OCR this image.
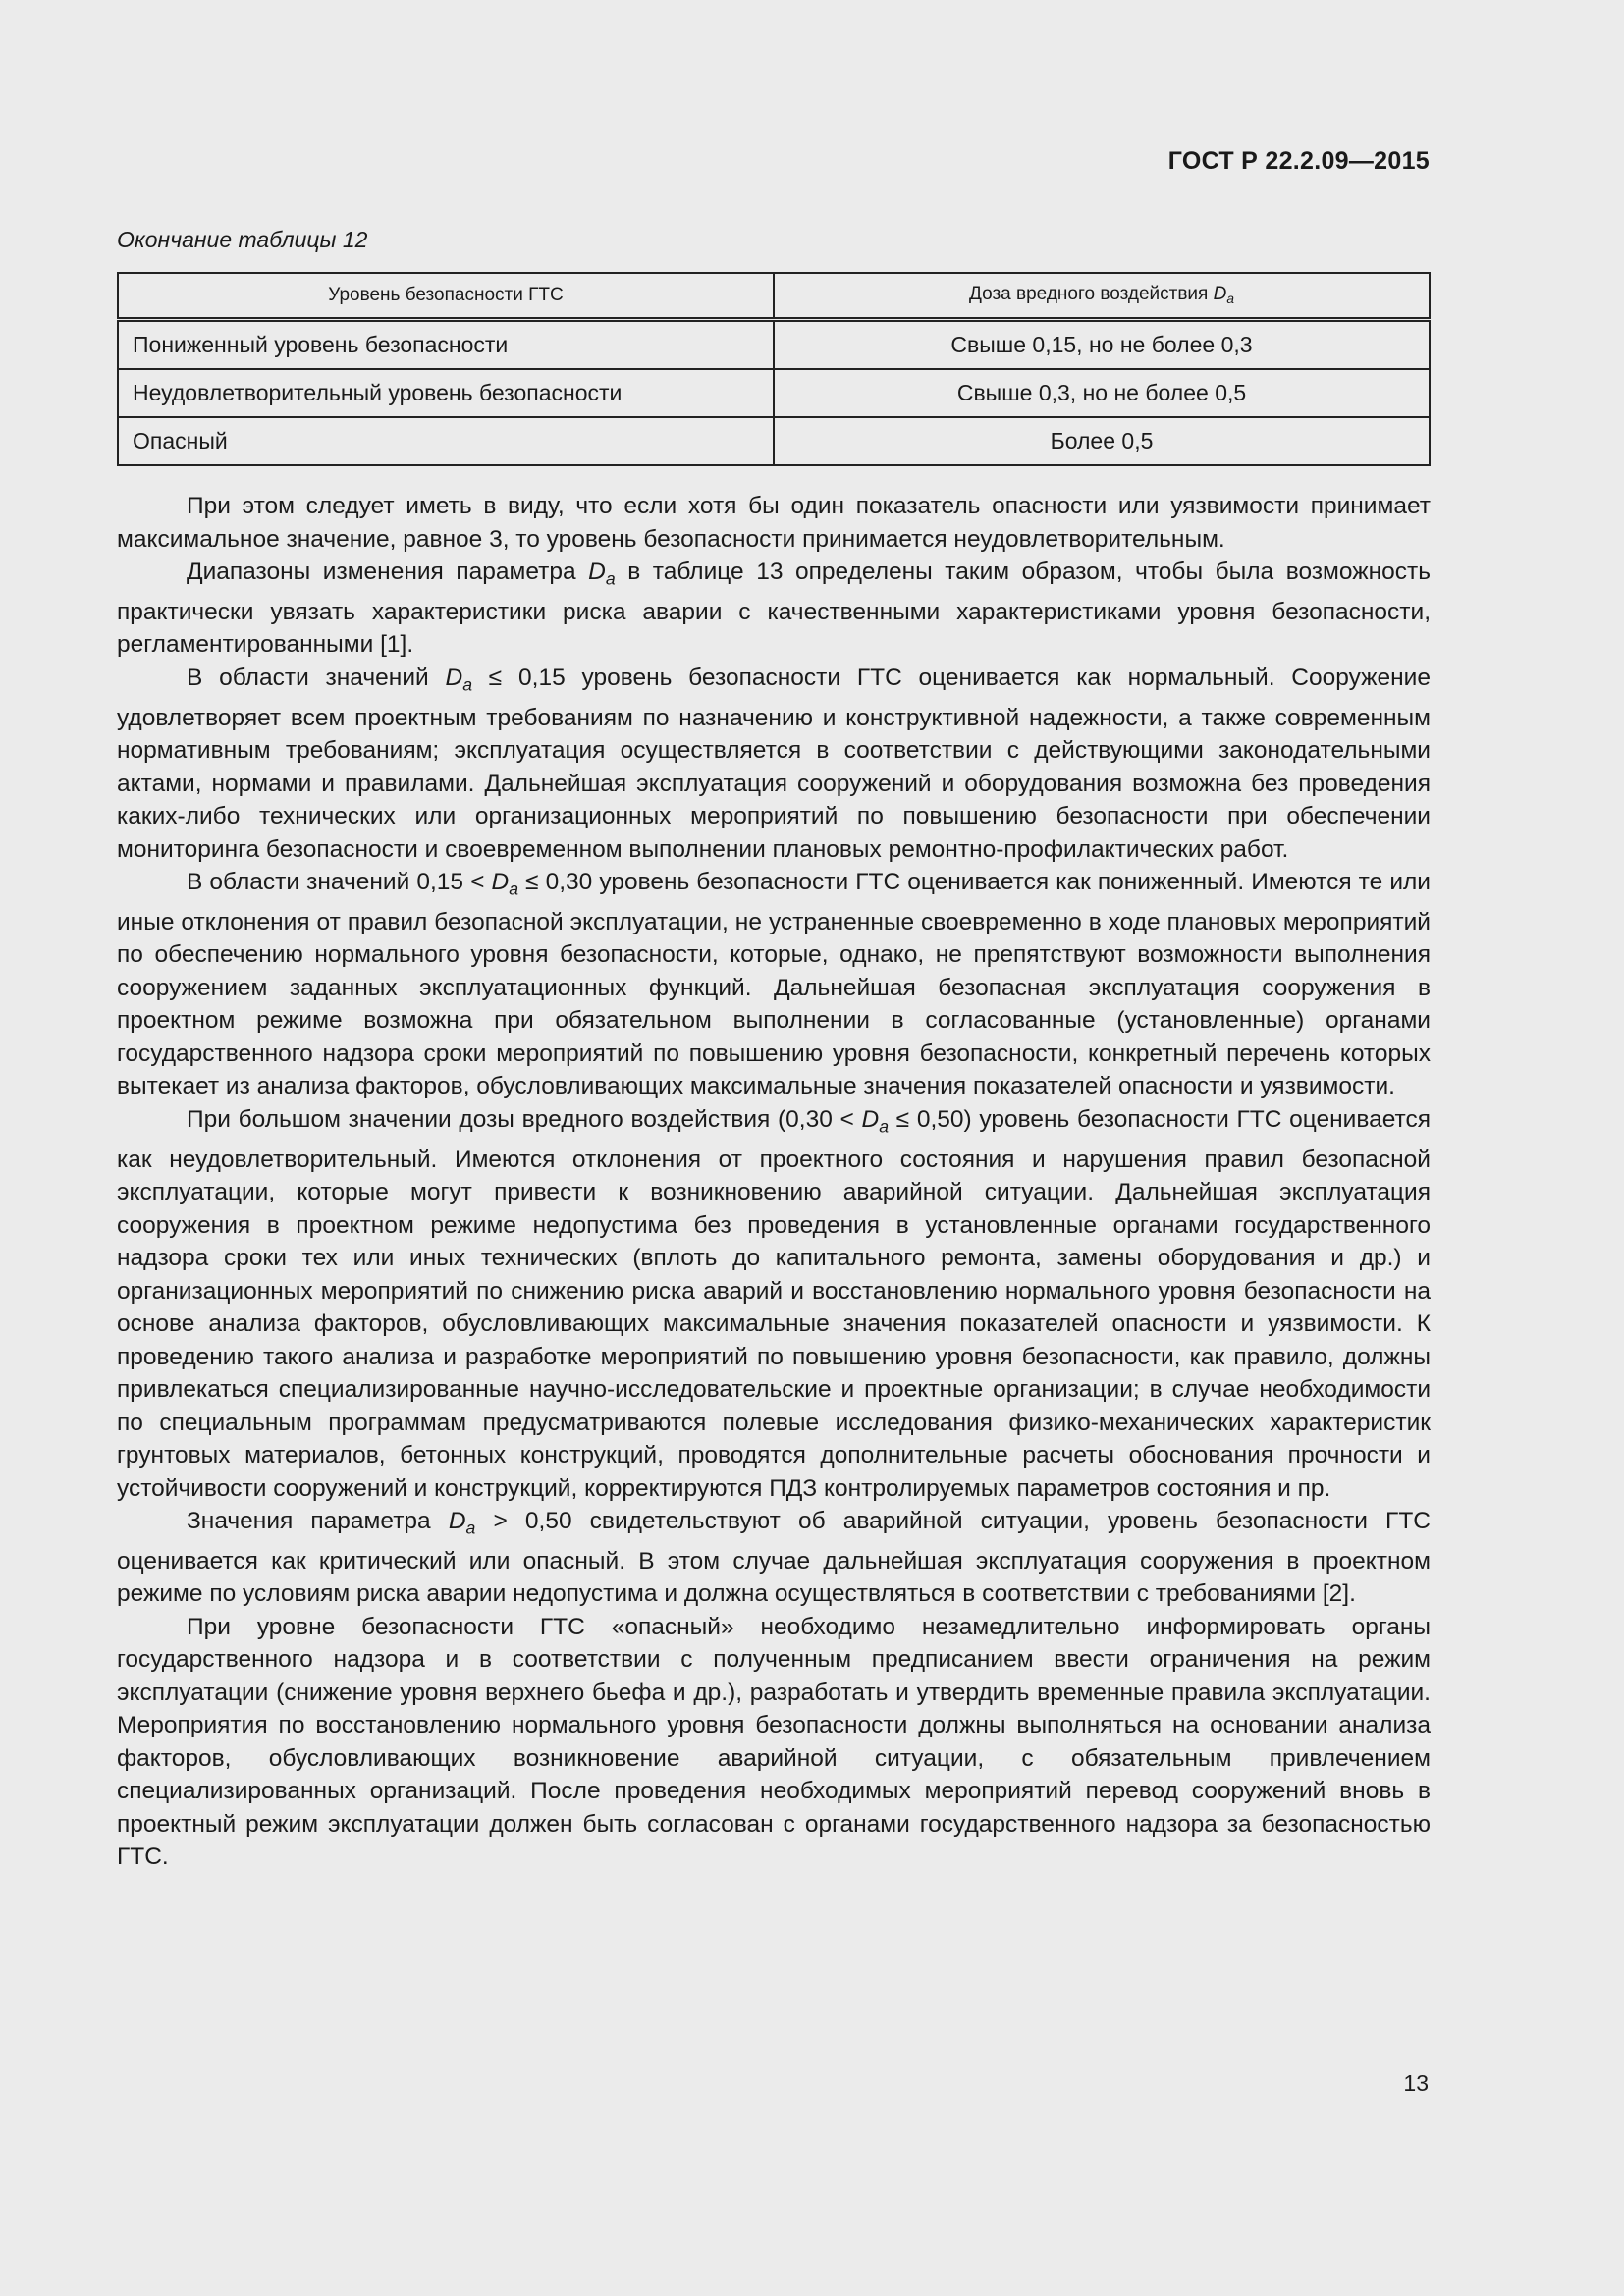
ГОСТ Р 22.2.09—2015
Окончание таблицы 12
Уровень безопасности ГТС	Доза вредного воздействия $D_a$
Пониженный уровень безопасности	Свыше 0,15, но не более 0,3
Неудовлетворительный уровень безопасности	Свыше 0,3, но не более 0,5
Опасный	Более 0,5

При этом следует иметь в виду, что если хотя бы один показатель опасности или уязвимости принимает максимальное значение, равное 3, то уровень безопасности принимается неудовлетворительным.

Диапазоны изменения параметра $D_a$ в таблице 13 определены таким образом, чтобы была возможность практически увязать характеристики риска аварии с качественными характеристиками уровня безопасности, регламентированными [1].

В области значений $D_a \le 0,15$ уровень безопасности ГТС оценивается как нормальный. Сооружение удовлетворяет всем проектным требованиям по назначению и конструктивной надежности, а также современным нормативным требованиям; эксплуатация осуществляется в соответствии с действующими законодательными актами, нормами и правилами. Дальнейшая эксплуатация сооружений и оборудования возможна без проведения каких-либо технических или организационных мероприятий по повышению безопасности при обеспечении мониторинга безопасности и своевременном выполнении плановых ремонтно-профилактических работ.

В области значений $0,15 < D_a \le 0,30$ уровень безопасности ГТС оценивается как пониженный. Имеются те или иные отклонения от правил безопасной эксплуатации, не устраненные своевременно в ходе плановых мероприятий по обеспечению нормального уровня безопасности, которые, однако, не препятствуют возможности выполнения сооружением заданных эксплуатационных функций. Дальнейшая безопасная эксплуатация сооружения в проектном режиме возможна при обязательном выполнении в согласованные (установленные) органами государственного надзора сроки мероприятий по повышению уровня безопасности, конкретный перечень которых вытекает из анализа факторов, обусловливающих максимальные значения показателей опасности и уязвимости.

При большом значении дозы вредного воздействия $(0,30 < D_a \le 0,50)$ уровень безопасности ГТС оценивается как неудовлетворительный. Имеются отклонения от проектного состояния и нарушения правил безопасной эксплуатации, которые могут привести к возникновению аварийной ситуации. Дальнейшая эксплуатация сооружения в проектном режиме недопустима без проведения в установленные органами государственного надзора сроки тех или иных технических (вплоть до капитального ремонта, замены оборудования и др.) и организационных мероприятий по снижению риска аварий и восстановлению нормального уровня безопасности на основе анализа факторов, обусловливающих максимальные значения показателей опасности и уязвимости. К проведению такого анализа и разработке мероприятий по повышению уровня безопасности, как правило, должны привлекаться специализированные научно-исследовательские и проектные организации; в случае необходимости по специальным программам предусматриваются полевые исследования физико-механических характеристик грунтовых материалов, бетонных конструкций, проводятся дополнительные расчеты обоснования прочности и устойчивости сооружений и конструкций, корректируются ПДЗ контролируемых параметров состояния и пр.

Значения параметра $D_a > 0,50$ свидетельствуют об аварийной ситуации, уровень безопасности ГТС оценивается как критический или опасный. В этом случае дальнейшая эксплуатация сооружения в проектном режиме по условиям риска аварии недопустима и должна осуществляться в соответствии с требованиями [2].

При уровне безопасности ГТС «опасный» необходимо незамедлительно информировать органы государственного надзора и в соответствии с полученным предписанием ввести ограничения на режим эксплуатации (снижение уровня верхнего бьефа и др.), разработать и утвердить временные правила эксплуатации. Мероприятия по восстановлению нормального уровня безопасности должны выполняться на основании анализа факторов, обусловливающих возникновение аварийной ситуации, с обязательным привлечением специализированных организаций. После проведения необходимых мероприятий перевод сооружений вновь в проектный режим эксплуатации должен быть согласован с органами государственного надзора за безопасностью ГТС.

13
